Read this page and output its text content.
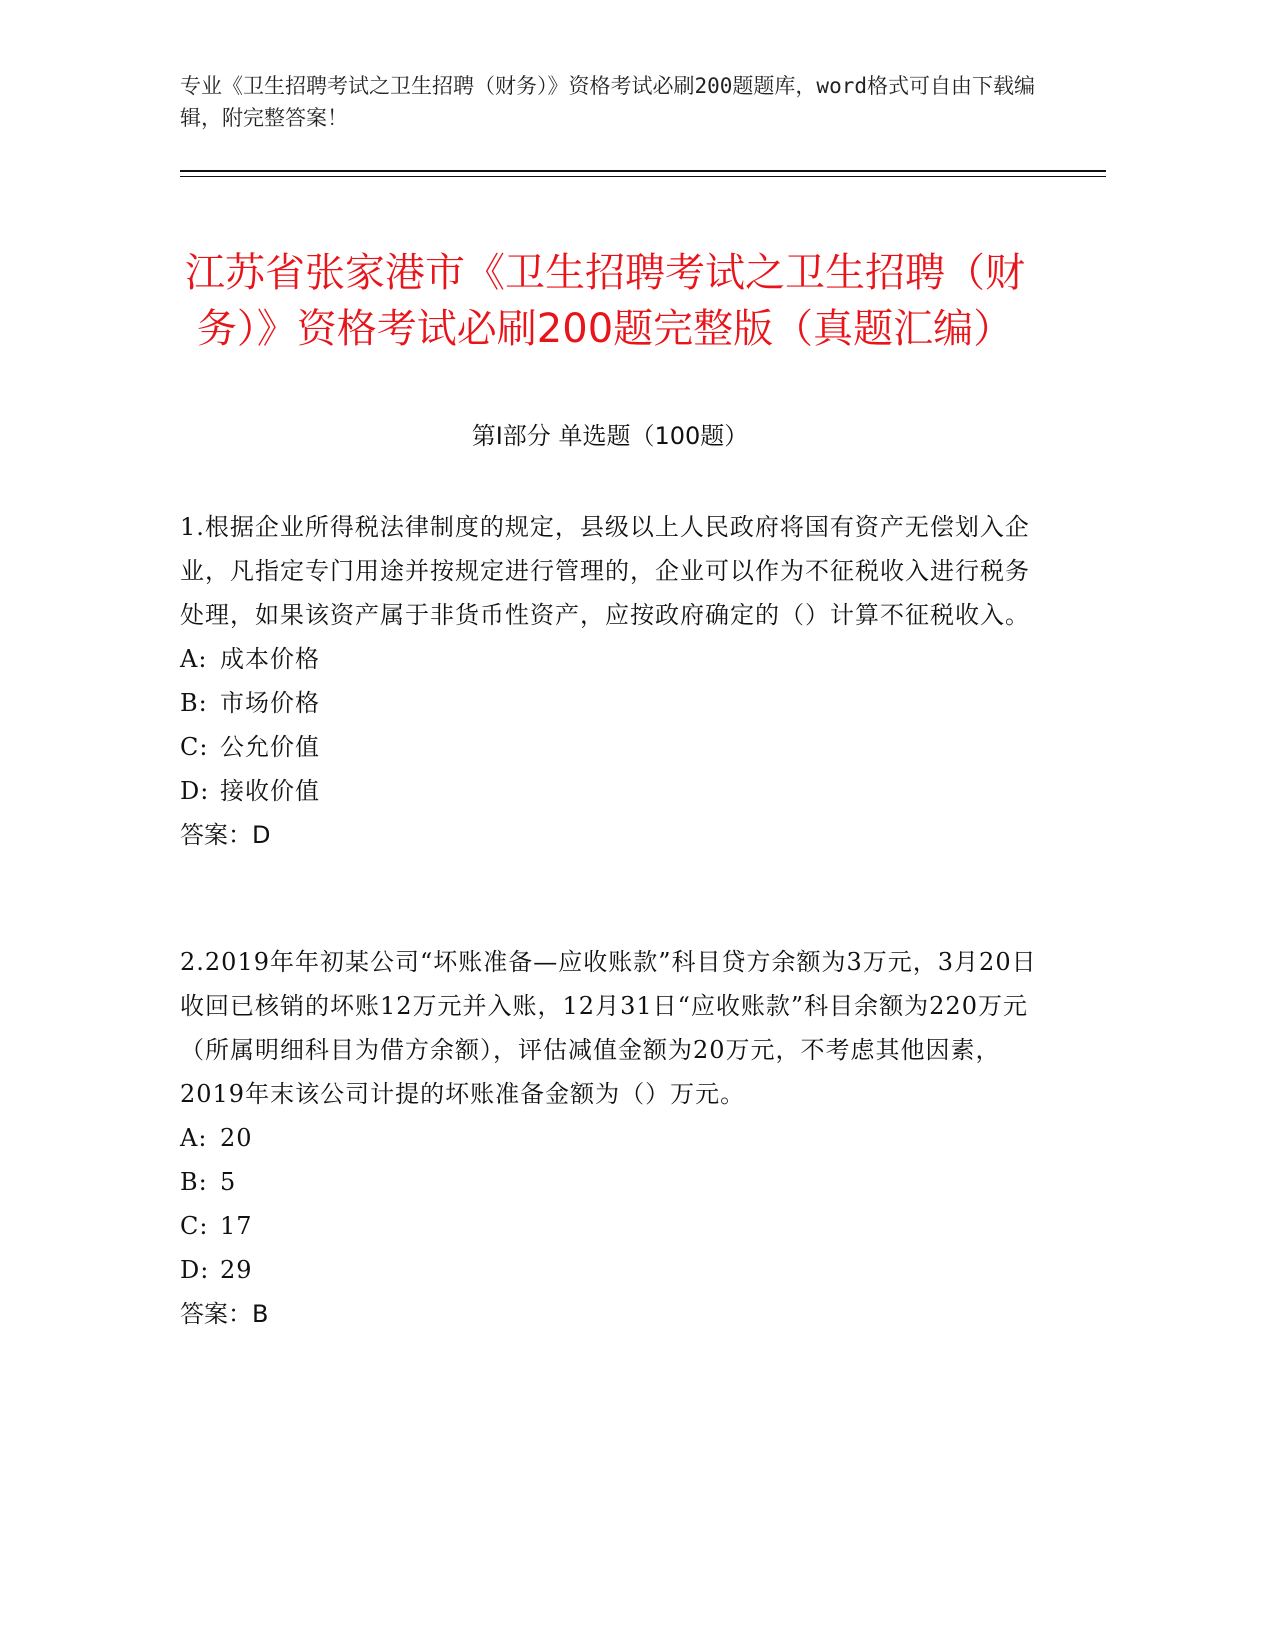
专业《卫生招聘考试之卫生招聘（财务）》资格考试必刷200题题库，word格式可自由下载编辑，附完整答案！
江苏省张家港市《卫生招聘考试之卫生招聘（财务）》资格考试必刷200题完整版（真题汇编）
第I部分 单选题（100题）
1.根据企业所得税法律制度的规定，县级以上人民政府将国有资产无偿划入企业，凡指定专门用途并按规定进行管理的，企业可以作为不征税收入进行税务处理，如果该资产属于非货币性资产，应按政府确定的（）计算不征税收入。
A: 成本价格
B: 市场价格
C: 公允价值
D: 接收价值
答案：D
2.2019年年初某公司“坏账准备—应收账款”科目贷方余额为3万元，3月20日收回已核销的坏账12万元并入账，12月31日“应收账款”科目余额为220万元（所属明细科目为借方余额），评估减值金额为20万元，不考虑其他因素，2019年末该公司计提的坏账准备金额为（）万元。
A: 20
B: 5
C: 17
D: 29
答案：B
